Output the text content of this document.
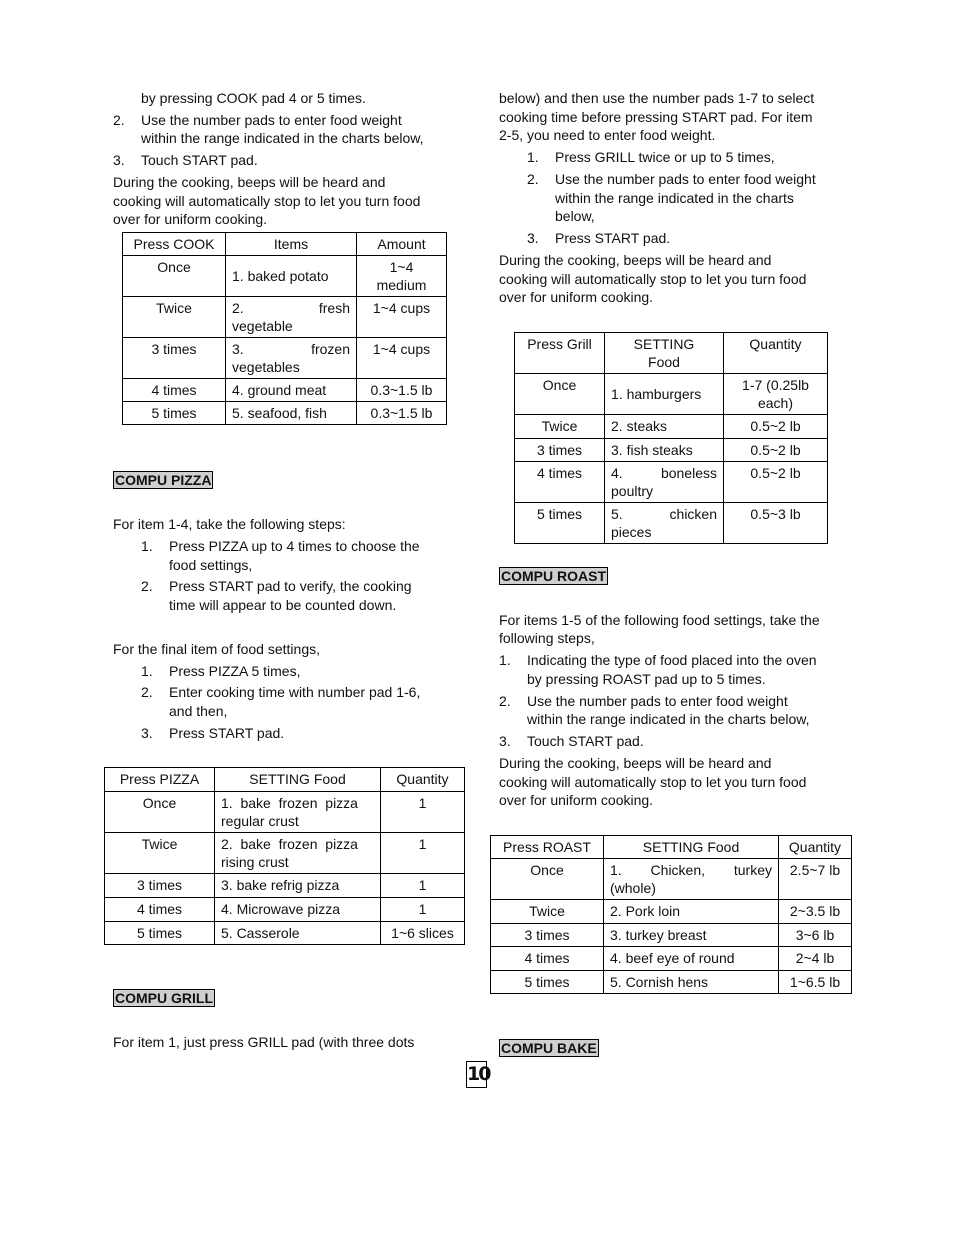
by pressing COOK pad 4 or 5 times.
2. Use the number pads to enter food weight
within the range indicated in the charts below,
3. Touch START pad.
During the cooking, beeps will be heard and
cooking will automatically stop to let you turn food
over for uniform cooking.
Press COOK	Items	Amount
Once	1. baked potato	1~4
medium
Twice	2. fresh
vegetable	1~4 cups
3 times	3. frozen
vegetables	1~4 cups
4 times	4. ground meat	0.3~1.5 lb
5 times	5. seafood, fish	0.3~1.5 lb
COMPU PIZZA
For item 1-4, take the following steps:
1. Press PIZZA up to 4 times to choose the
food settings,
2. Press START pad to verify, the cooking
time will appear to be counted down.
For the final item of food settings,
1. Press PIZZA 5 times,
2. Enter cooking time with number pad 1-6,
and then,
3. Press START pad.
Press PIZZA	SETTING Food	Quantity
Once	1.  bake  frozen  pizza
regular crust	1
Twice	2.  bake  frozen  pizza
rising crust	1
3 times	3. bake refrig pizza	1
4 times	4. Microwave pizza	1
5 times	5. Casserole	1~6 slices
COMPU GRILL
For item 1, just press GRILL pad (with three dots
below) and then use the number pads 1-7 to select
cooking time before pressing START pad. For item
2-5, you need to enter food weight.
1. Press GRILL twice or up to 5 times,
2. Use the number pads to enter food weight
within the range indicated in the charts
below,
3. Press START pad.
During the cooking, beeps will be heard and
cooking will automatically stop to let you turn food
over for uniform cooking.
Press Grill	SETTING
Food	Quantity
Once	1. hamburgers	1-7 (0.25lb
each)
Twice	2. steaks	0.5~2 lb
3 times	3. fish steaks	0.5~2 lb
4 times	4. boneless
poultry	0.5~2 lb
5 times	5. chicken
pieces	0.5~3 lb
COMPU ROAST
For items 1-5 of the following food settings, take the
following steps,
1. Indicating the type of food placed into the oven
by pressing ROAST pad up to 5 times.
2. Use the number pads to enter food weight
within the range indicated in the charts below,
3. Touch START pad.
During the cooking, beeps will be heard and
cooking will automatically stop to let you turn food
over for uniform cooking.
Press ROAST	SETTING Food	Quantity
Once	1. Chicken, turkey
(whole)	2.5~7 lb
Twice	2. Pork loin	2~3.5 lb
3 times	3. turkey breast	3~6 lb
4 times	4. beef eye of round	2~4 lb
5 times	5. Cornish hens	1~6.5 lb
COMPU BAKE
10
